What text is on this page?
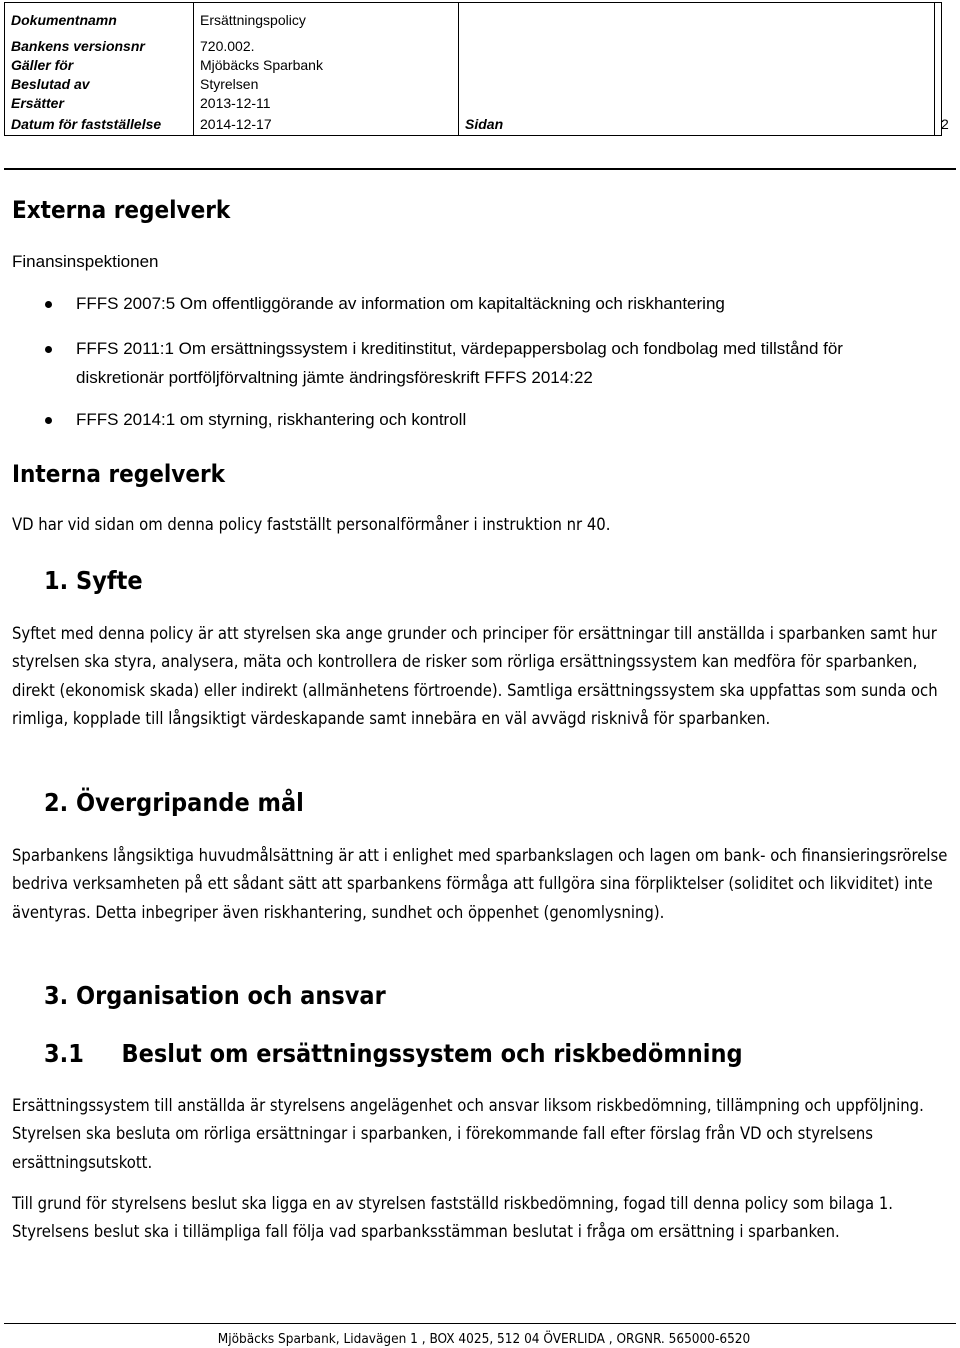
Dokumentnamn	Ersättningspolicy		
Bankens versionsnr	720.002.		
Gäller för	Mjöbäcks Sparbank		
Beslutad av	Styrelsen		
Ersätter	2013-12-11		
Datum för fastställelse	2014-12-17	Sidan	2
Externa regelverk
Finansinspektionen
FFFS 2007:5 Om offentliggörande av information om kapitaltäckning och riskhantering
FFFS 2011:1 Om ersättningssystem i kreditinstitut, värdepappersbolag och fondbolag med tillstånd för diskretionär portföljförvaltning jämte ändringsföreskrift FFFS 2014:22
FFFS 2014:1 om styrning, riskhantering och kontroll
Interna regelverk
VD har vid sidan om denna policy fastställt personalförmåner i instruktion nr 40.
1. Syfte
Syftet med denna policy är att styrelsen ska ange grunder och principer för ersättningar till anställda i sparbanken samt hur styrelsen ska styra, analysera, mäta och kontrollera de risker som rörliga ersättningssystem kan medföra för sparbanken, direkt (ekonomisk skada) eller indirekt (allmänhetens förtroende). Samtliga ersättningssystem ska uppfattas som sunda och rimliga, kopplade till långsiktigt värdeskapande samt innebära en väl avvägd risknivå för sparbanken.
2. Övergripande mål
Sparbankens långsiktiga huvudmålsättning är att i enlighet med sparbankslagen och lagen om bank- och finansieringsrörelse bedriva verksamheten på ett sådant sätt att sparbankens förmåga att fullgöra sina förpliktelser (soliditet och likviditet) inte äventyras. Detta inbegriper även riskhantering, sundhet och öppenhet (genomlysning).
3. Organisation och ansvar
3.1 Beslut om ersättningssystem och riskbedömning
Ersättningssystem till anställda är styrelsens angelägenhet och ansvar liksom riskbedömning, tillämpning och uppföljning. Styrelsen ska besluta om rörliga ersättningar i sparbanken, i förekommande fall efter förslag från VD och styrelsens ersättningsutskott.
Till grund för styrelsens beslut ska ligga en av styrelsen fastställd riskbedömning, fogad till denna policy som bilaga 1. Styrelsens beslut ska i tillämpliga fall följa vad sparbanksstämman beslutat i fråga om ersättning i sparbanken.
Mjöbäcks Sparbank, Lidavägen 1 , BOX 4025, 512 04 ÖVERLIDA , ORGNR. 565000-6520
